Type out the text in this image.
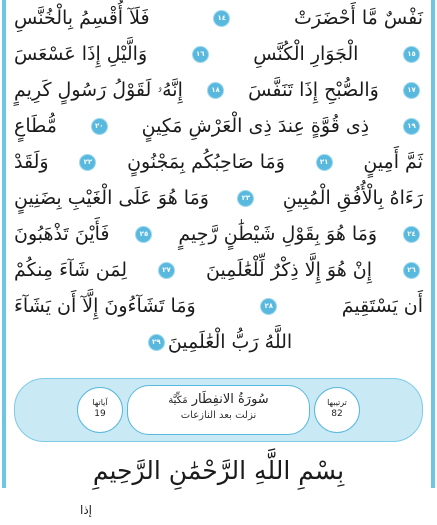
نَفْسٌ مَّا أَحْضَرَتْ
١٤
فَلَآ أُقْسِمُ بِالْخُنَّسِ
١٥
الْجَوَارِ الْكُنَّسِ
١٦
وَالَّيْلِ إِذَا عَسْعَسَ
١٧
وَالصُّبْحِ إِذَا تَنَفَّسَ
١٨
إِنَّهُۥ لَقَوْلُ رَسُولٍ كَرِيمٍ
١٩
ذِى قُوَّةٍ عِندَ ذِى الْعَرْشِ مَكِينٍ
٢٠
مُّطَاعٍ
ثَمَّ أَمِينٍ
٢١
وَمَا صَاحِبُكُم بِمَجْنُونٍ
٢٢
وَلَقَدْ
رَءَاهُ بِالْأُفُقِ الْمُبِينِ
٢٣
وَمَا هُوَ عَلَى الْغَيْبِ بِضَنِينٍ
٢٤
وَمَا هُوَ بِقَوْلِ شَيْطَٰنٍ رَّجِيمٍ
٢٥
فَأَيْنَ تَذْهَبُونَ
٢٦
إِنْ هُوَ إِلَّا ذِكْرٌ لِّلْعَٰلَمِينَ
٢٧
لِمَن شَآءَ مِنكُمْ
أَن يَسْتَقِيمَ
٢٨
وَمَا تَشَآءُونَ إِلَّآ أَن يَشَآءَ
اللَّهُ رَبُّ الْعَٰلَمِينَ
٢٩
ترتيبها
82
سُورَةُ الانفِطَار مَكِّيَّة
نزلت بعد النازعات
آياتها
19
بِسْمِ اللَّهِ الرَّحْمَٰنِ الرَّحِيمِ
إذا
